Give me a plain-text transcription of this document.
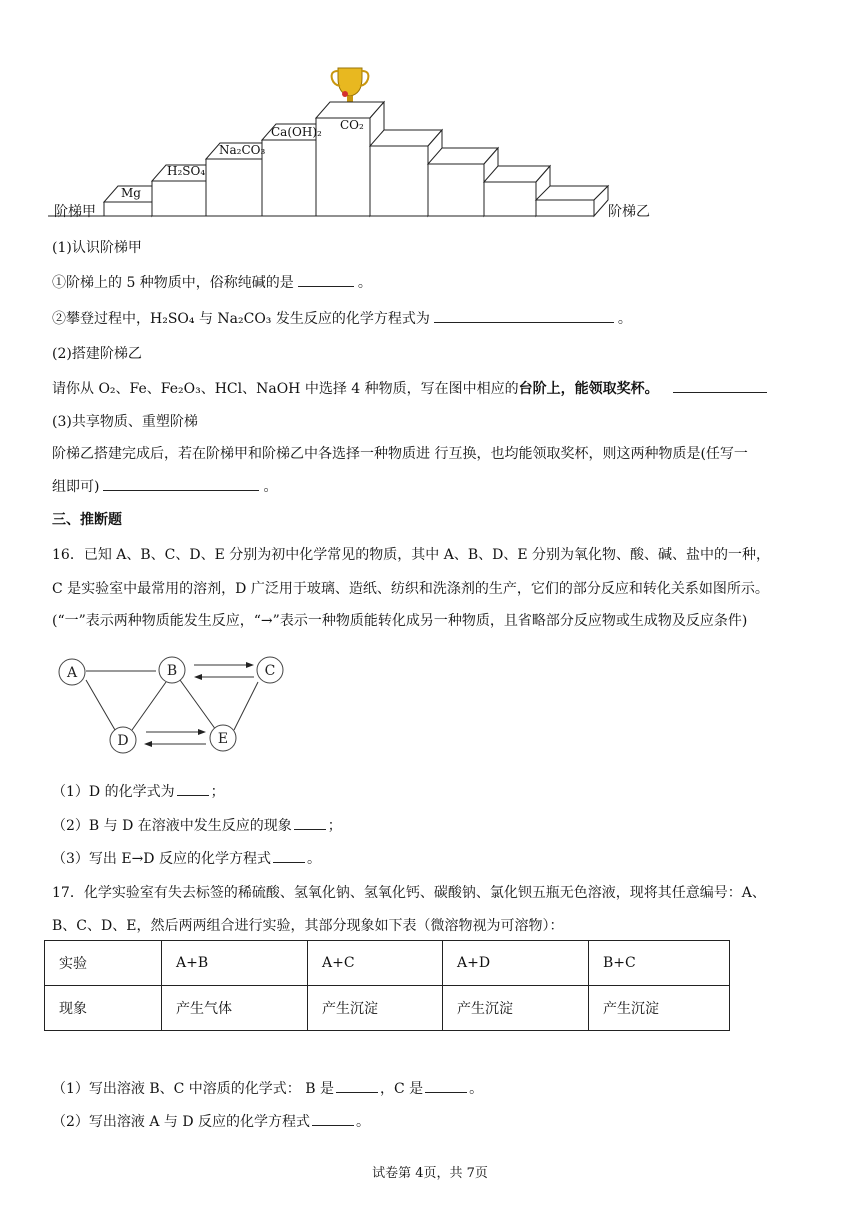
Mg
H₂SO₄
Na₂CO₃
Ca(OH)₂ CO₂
阶梯甲	阶梯乙
(1)认识阶梯甲
①阶梯上的 5 种物质中，俗称纯碱的是	。
②攀登过程中，H₂SO₄ 与 Na₂CO₃ 发生反应的化学方程式为	。
(2)搭建阶梯乙
请你从 O₂、Fe、Fe₂O₃、HCl、NaOH 中选择 4 种物质，写在图中相应的台阶上，能领取奖杯。
(3)共享物质、重塑阶梯
阶梯乙搭建完成后，若在阶梯甲和阶梯乙中各选择一种物质进 行互换，也均能领取奖杯，则这两种物质是(任写一
组即可)	。
三、推断题
16．已知 A、B、C、D、E 分别为初中化学常见的物质，其中 A、B、D、E 分别为氧化物、酸、碱、盐中的一种，
C 是实验室中最常用的溶剂，D 广泛用于玻璃、造纸、纺织和洗涤剂的生产，它们的部分反应和转化关系如图所示。
(“一”表示两种物质能发生反应，“→”表示一种物质能转化成另一种物质，且省略部分反应物或生成物及反应条件)
A	B	C
D	E
（1）D 的化学式为	；
（2）B 与 D 在溶液中发生反应的现象	；
（3）写出 E→D 反应的化学方程式	。
17．化学实验室有失去标签的稀硫酸、氢氧化钠、氢氧化钙、碳酸钠、氯化钡五瓶无色溶液，现将其任意编号：A、
B、C、D、E，然后两两组合进行实验，其部分现象如下表（微溶物视为可溶物）：
实验	A+B	A+C	A+D	B+C
现象	产生气体	产生沉淀	产生沉淀	产生沉淀
（1）写出溶液 B、C 中溶质的化学式： B 是	，C 是	。
（2）写出溶液 A 与 D 反应的化学方程式	。
试卷第 4页，共 7页
